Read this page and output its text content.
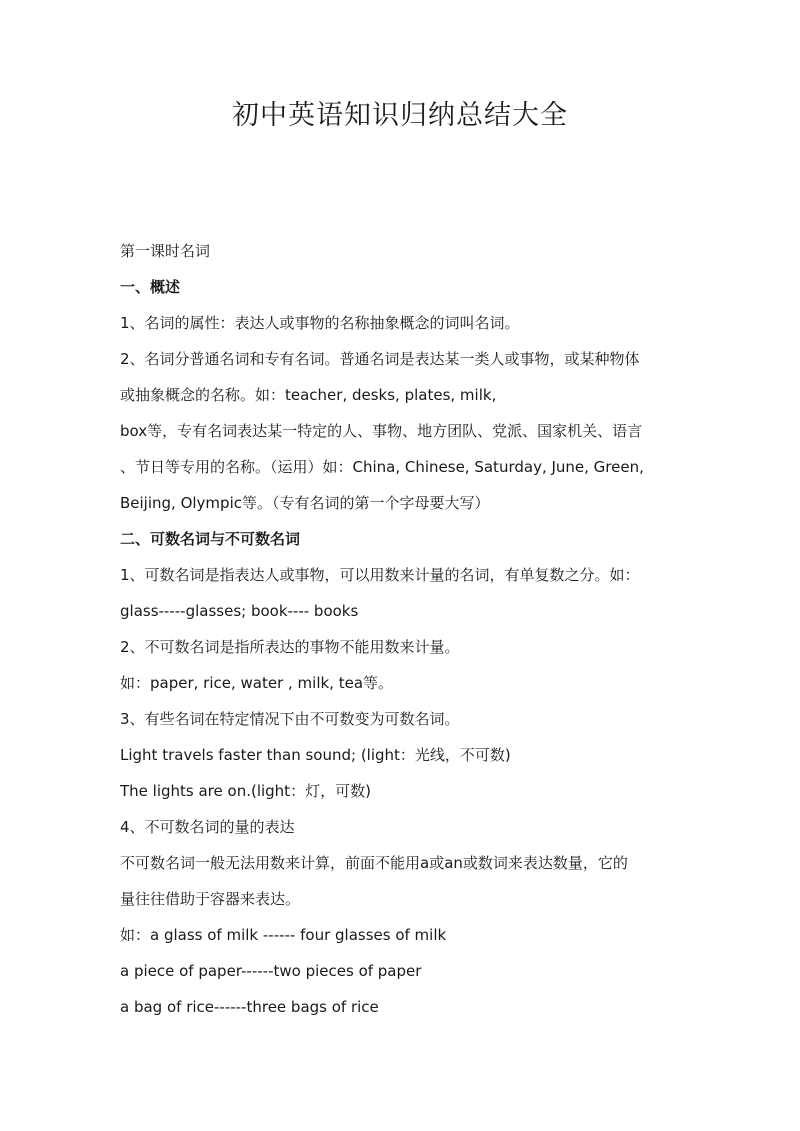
初中英语知识归纳总结大全

第一课时名词

一、概述

1、名词的属性：表达人或事物的名称抽象概念的词叫名词。

2、名词分普通名词和专有名词。普通名词是表达某一类人或事物，或某种物体

或抽象概念的名称。如：teacher, desks, plates, milk,

box等，专有名词表达某一特定的人、事物、地方团队、党派、国家机关、语言

、节日等专用的名称。（运用）如：China, Chinese, Saturday, June, Green,

Beijing, Olympic等。（专有名词的第一个字母要大写）

二、可数名词与不可数名词

1、可数名词是指表达人或事物，可以用数来计量的名词，有单复数之分。如：

glass-----glasses; book---- books

2、不可数名词是指所表达的事物不能用数来计量。

如：paper, rice, water , milk, tea等。

3、有些名词在特定情况下由不可数变为可数名词。

Light travels faster than sound; (light：光线，不可数)

The lights are on.(light：灯，可数)

4、不可数名词的量的表达

不可数名词一般无法用数来计算，前面不能用a或an或数词来表达数量，它的

量往往借助于容器来表达。

如：a glass of milk ------ four glasses of milk

a piece of paper------two pieces of paper

a bag of rice------three bags of rice
